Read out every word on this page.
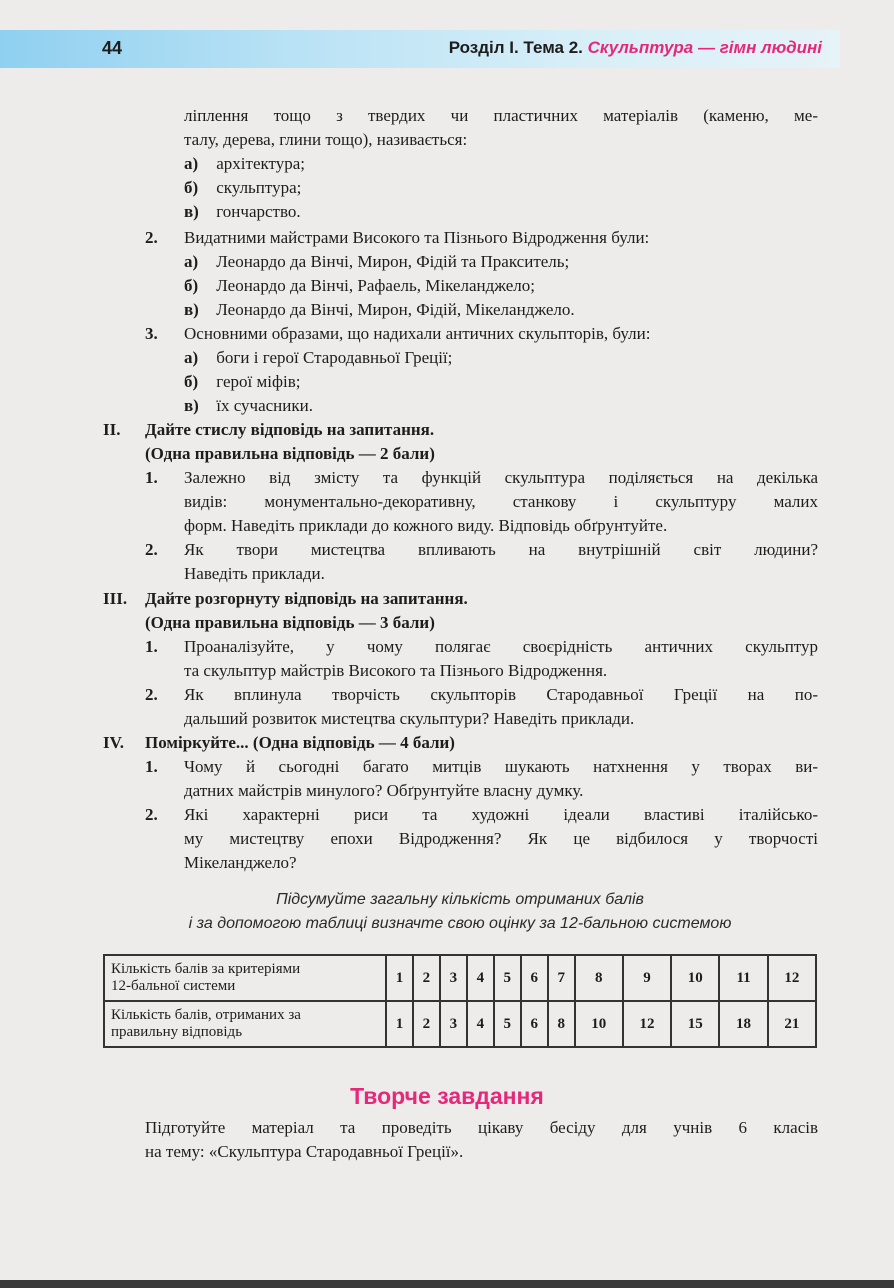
44	Розділ І. Тема 2. Скульптура — гімн людині
ліплення тощо з твердих чи пластичних матеріалів (каменю, ме-
талу, дерева, глини тощо), називається:
а) архітектура;
б) скульптура;
в) гончарство.
2. Видатними майстрами Високого та Пізнього Відродження були:
а) Леонардо да Вінчі, Мирон, Фідій та Пракситель;
б) Леонардо да Вінчі, Рафаель, Мікеланджело;
в) Леонардо да Вінчі, Мирон, Фідій, Мікеланджело.
3. Основними образами, що надихали античних скульпторів, були:
а) боги і герої Стародавньої Греції;
б) герої міфів;
в) їх сучасники.
II. Дайте стислу відповідь на запитання.
(Одна правильна відповідь — 2 бали)
1. Залежно від змісту та функцій скульптура поділяється на декілька
видів: монументально-декоративну, станкову і скульптуру малих
форм. Наведіть приклади до кожного виду. Відповідь обґрунтуйте.
2. Як твори мистецтва впливають на внутрішній світ людини?
Наведіть приклади.
III. Дайте розгорнуту відповідь на запитання.
(Одна правильна відповідь — 3 бали)
1. Проаналізуйте, у чому полягає своєрідність античних скульптур
та скульптур майстрів Високого та Пізнього Відродження.
2. Як вплинула творчість скульпторів Стародавньої Греції на по-
дальший розвиток мистецтва скульптури? Наведіть приклади.
IV. Поміркуйте... (Одна відповідь — 4 бали)
1. Чому й сьогодні багато митців шукають натхнення у творах ви-
датних майстрів минулого? Обґрунтуйте власну думку.
2. Які характерні риси та художні ідеали властиві італійсько-
му мистецтву епохи Відродження? Як це відбилося у творчості
Мікеланджело?
Підсумуйте загальну кількість отриманих балів
і за допомогою таблиці визначте свою оцінку за 12-бальною системою
Кількість балів за критеріями
12-бальної системи	1	2	3	4	5	6	7	8	9	10	11	12
Кількість балів, отриманих за
правильну відповідь	1	2	3	4	5	6	8	10	12	15	18	21
Творче завдання
Підготуйте матеріал та проведіть цікаву бесіду для учнів 6 класів
на тему: «Скульптура Стародавньої Греції».
